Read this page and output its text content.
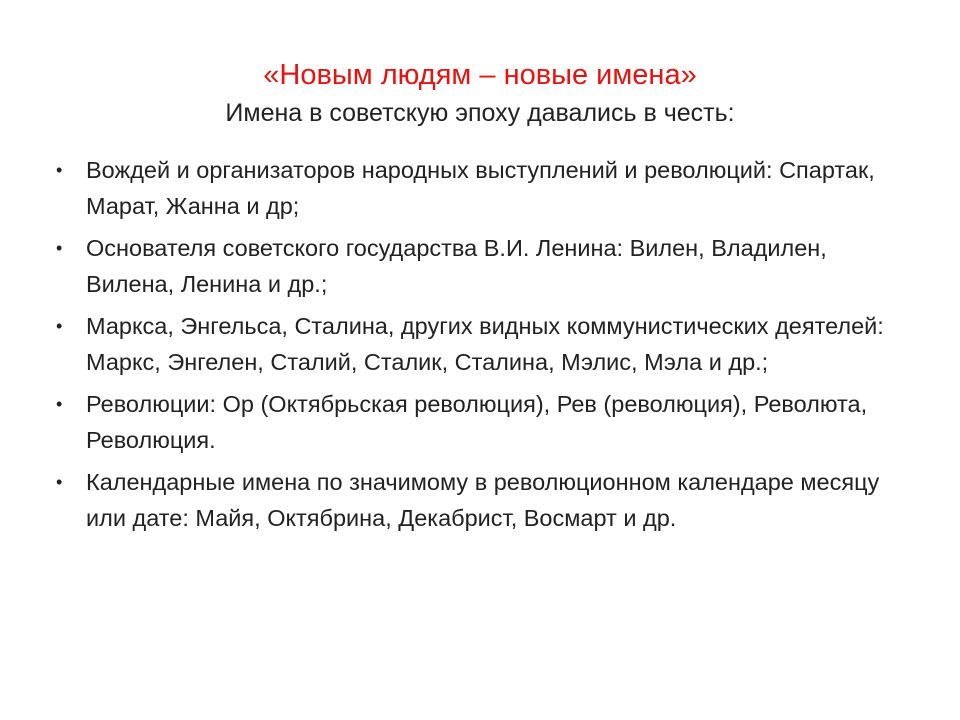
«Новым людям – новые имена»
Имена в советскую эпоху давались в честь:
• Вождей и организаторов народных выступлений и революций: Спартак, Марат, Жанна и др;
• Основателя советского государства В.И. Ленина: Вилен, Владилен, Вилена, Ленина и др.;
• Маркса, Энгельса, Сталина, других видных коммунистических деятелей: Маркс, Энгелен, Сталий, Сталик, Сталина, Мэлис, Мэла и др.;
• Революции: Ор (Октябрьская революция), Рев (революция), Революта, Революция.
• Календарные имена по значимому в революционном календаре месяцу или дате: Майя, Октябрина, Декабрист, Восмарт и др.
